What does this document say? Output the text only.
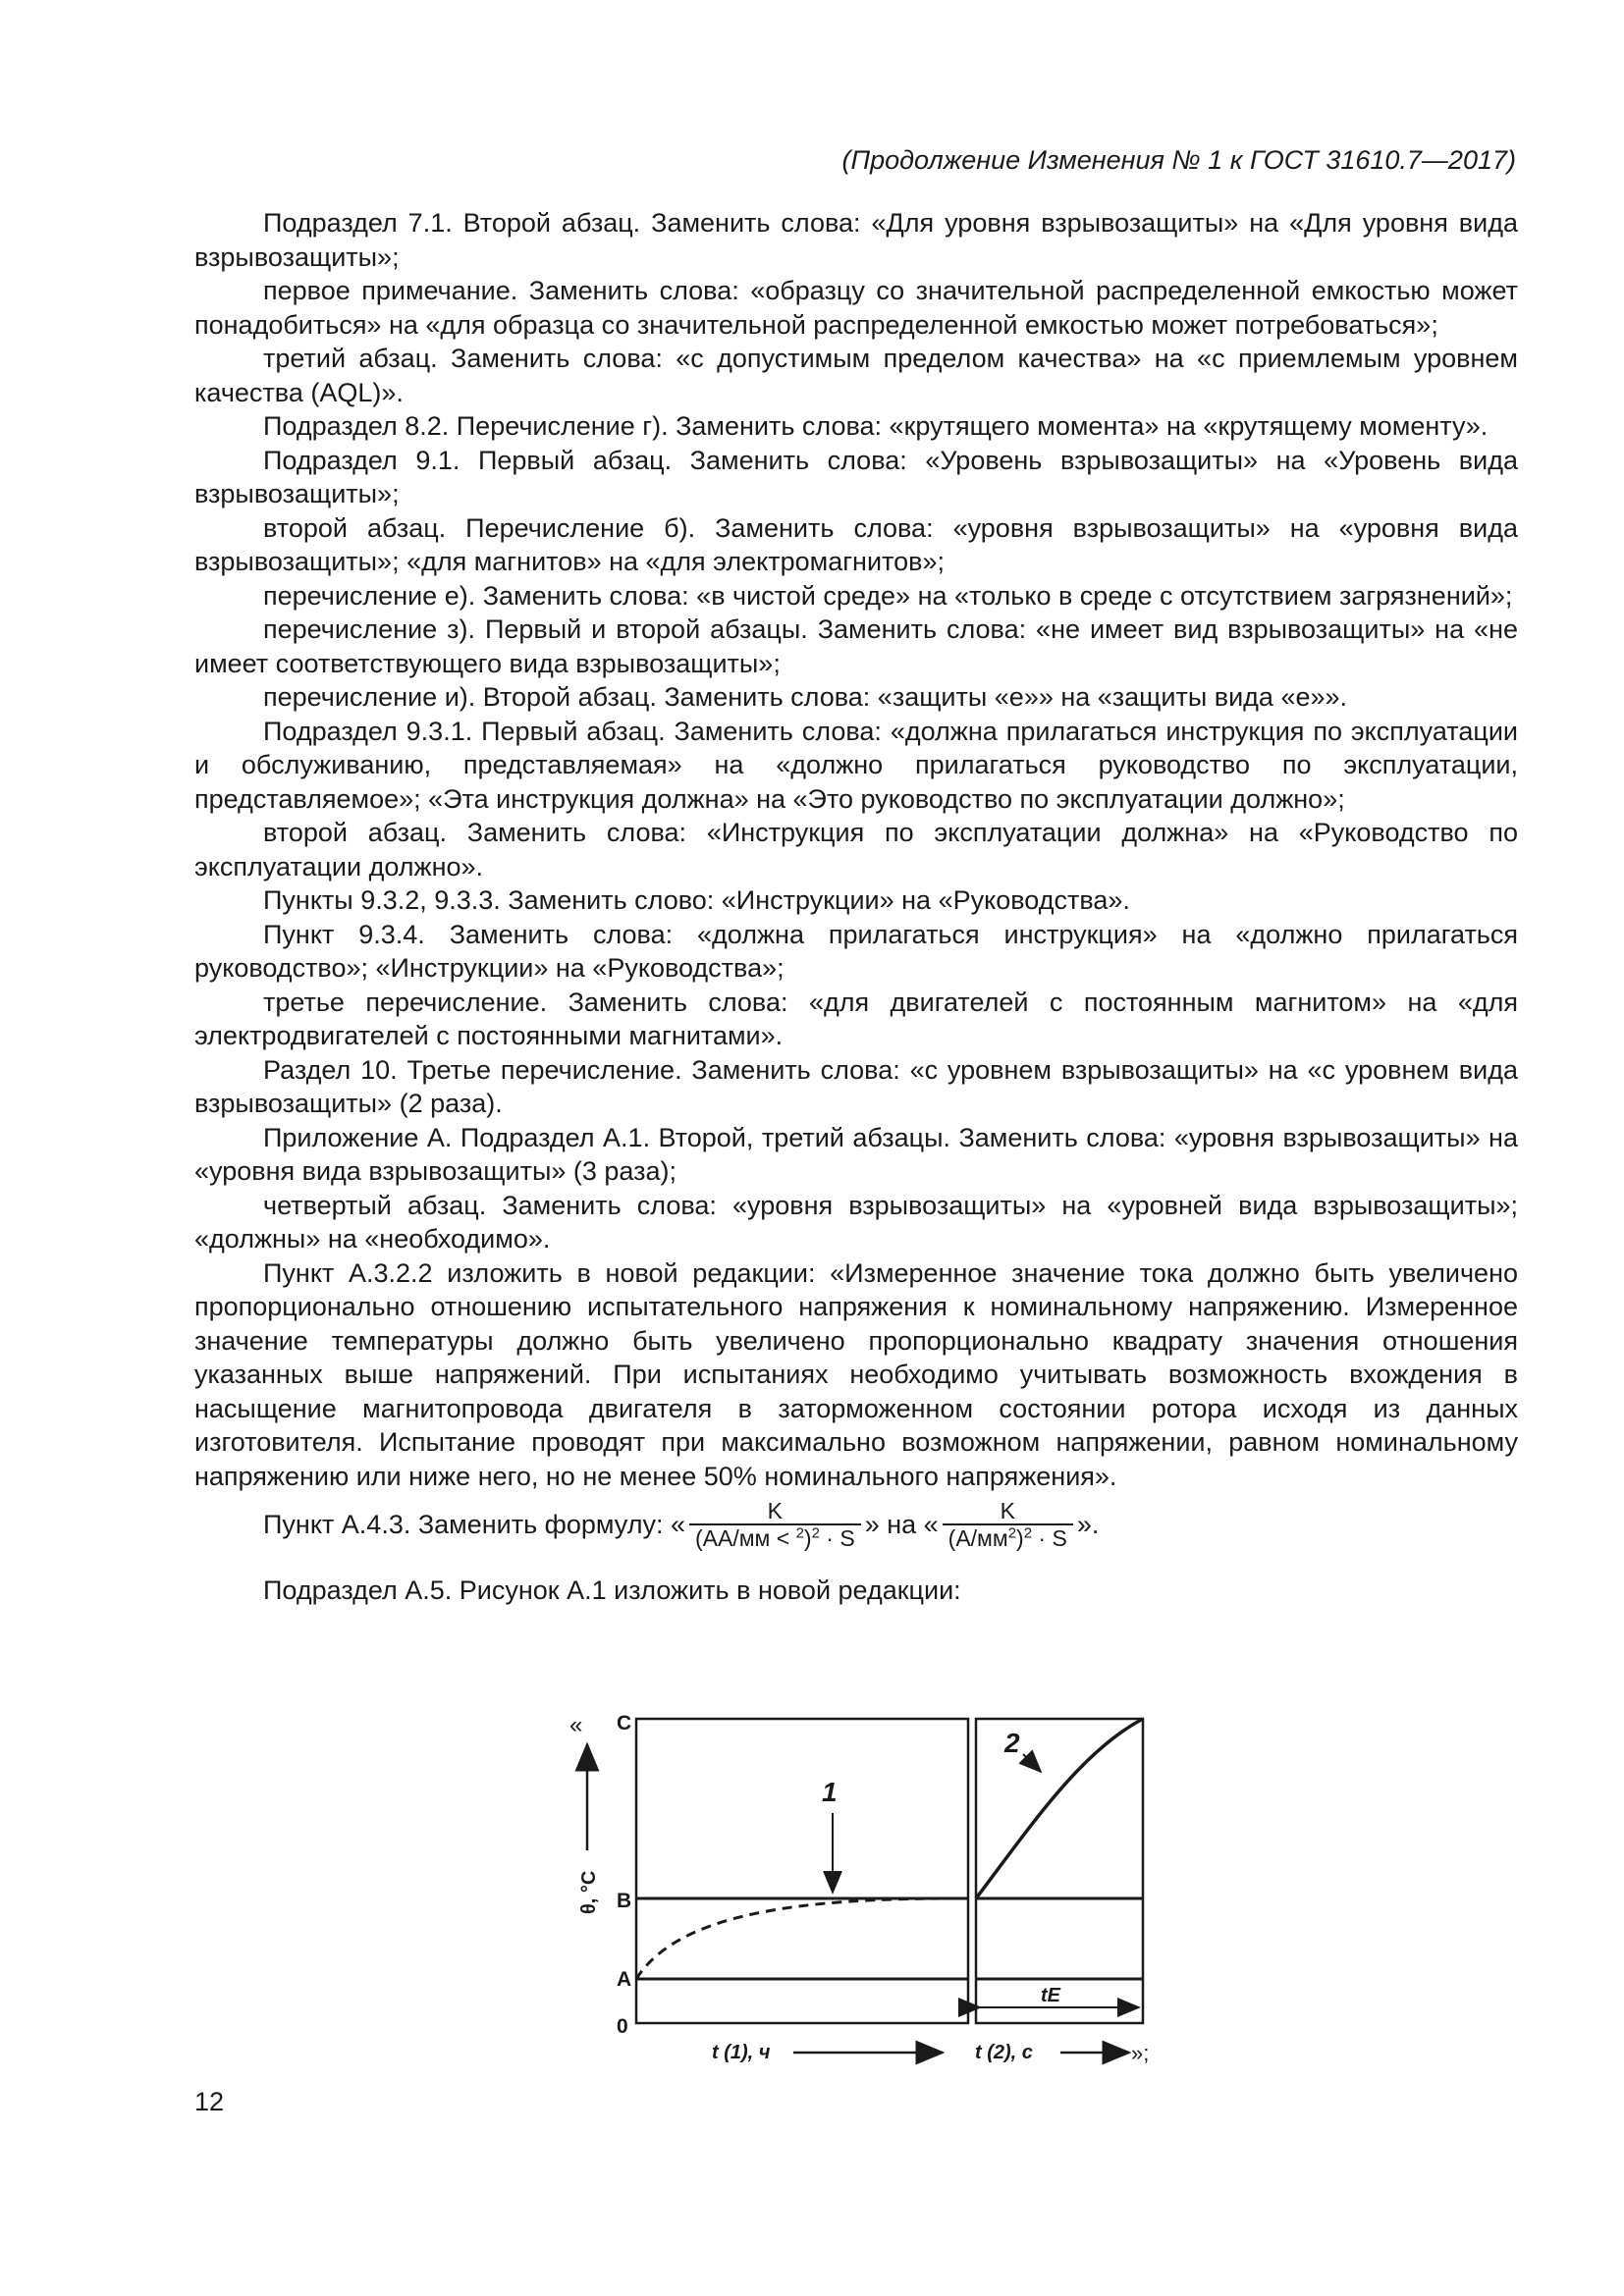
(Продолжение Изменения № 1 к ГОСТ 31610.7—2017)

Подраздел 7.1. Второй абзац. Заменить слова: «Для уровня взрывозащиты» на «Для уровня вида взрывозащиты»;

первое примечание. Заменить слова: «образцу со значительной распределенной емкостью может понадобиться» на «для образца со значительной распределенной емкостью может потребоваться»;

третий абзац. Заменить слова: «с допустимым пределом качества» на «с приемлемым уровнем качества (AQL)».

Подраздел 8.2. Перечисление г). Заменить слова: «крутящего момента» на «крутящему моменту».

Подраздел 9.1. Первый абзац. Заменить слова: «Уровень взрывозащиты» на «Уровень вида взрывозащиты»;

второй абзац. Перечисление б). Заменить слова: «уровня взрывозащиты» на «уровня вида взрывозащиты»; «для магнитов» на «для электромагнитов»;

перечисление е). Заменить слова: «в чистой среде» на «только в среде с отсутствием загрязнений»;

перечисление з). Первый и второй абзацы. Заменить слова: «не имеет вид взрывозащиты» на «не имеет соответствующего вида взрывозащиты»;

перечисление и). Второй абзац. Заменить слова: «защиты «е»» на «защиты вида «е»».

Подраздел 9.3.1. Первый абзац. Заменить слова: «должна прилагаться инструкция по эксплуатации и обслуживанию, представляемая» на «должно прилагаться руководство по эксплуатации, представляемое»; «Эта инструкция должна» на «Это руководство по эксплуатации должно»;

второй абзац. Заменить слова: «Инструкция по эксплуатации должна» на «Руководство по эксплуатации должно».

Пункты 9.3.2, 9.3.3. Заменить слово: «Инструкции» на «Руководства».

Пункт 9.3.4. Заменить слова: «должна прилагаться инструкция» на «должно прилагаться руководство»; «Инструкции» на «Руководства»;

третье перечисление. Заменить слова: «для двигателей с постоянным магнитом» на «для электродвигателей с постоянными магнитами».

Раздел 10. Третье перечисление. Заменить слова: «с уровнем взрывозащиты» на «с уровнем вида взрывозащиты» (2 раза).

Приложение А. Подраздел А.1. Второй, третий абзацы. Заменить слова: «уровня взрывозащиты» на «уровня вида взрывозащиты» (3 раза);

четвертый абзац. Заменить слова: «уровня взрывозащиты» на «уровней вида взрывозащиты»; «должны» на «необходимо».

Пункт А.3.2.2 изложить в новой редакции: «Измеренное значение тока должно быть увеличено пропорционально отношению испытательного напряжения к номинальному напряжению. Измеренное значение температуры должно быть увеличено пропорционально квадрату значения отношения указанных выше напряжений. При испытаниях необходимо учитывать возможность вхождения в насыщение магнитопровода двигателя в заторможенном состоянии ротора исходя из данных изготовителя. Испытание проводят при максимально возможном напряжении, равном номинальному напряжению или ниже него, но не менее 50% номинального напряжения».

Пункт А.4.3. Заменить формулу: « $\frac{K}{(AA/мм < ^2)^2 \cdot S}$ » на « $\frac{K}{(A/мм^2)^2 \cdot S}$ ».

Подраздел А.5. Рисунок А.1 изложить в новой редакции:

«
θ, °C
C
B
A
0
1
2
tE
t (1), ч	t (2), с	»;
12
